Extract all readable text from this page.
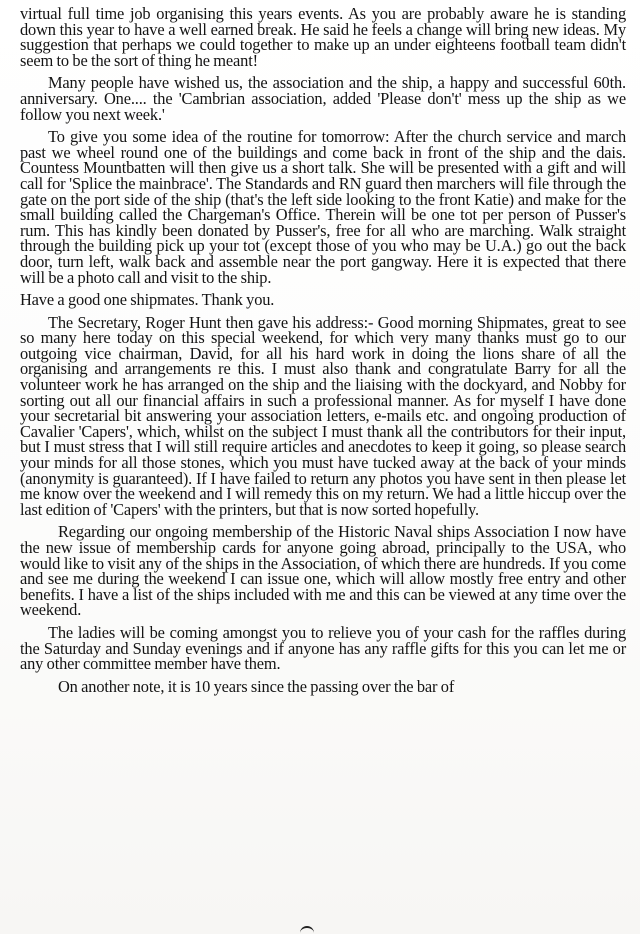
virtual full time job organising this years events. As you are probably aware he is standing down this year to have a well earned break. He said he feels a change will bring new ideas. My suggestion that perhaps we could together to make up an under eighteens football team didn't seem to be the sort of thing he meant!

Many people have wished us, the association and the ship, a happy and successful 60th. anniversary. One.... the 'Cambrian association, added 'Please don't' mess up the ship as we follow you next week.'

To give you some idea of the routine for tomorrow: After the church service and march past we wheel round one of the buildings and come back in front of the ship and the dais. Countess Mountbatten will then give us a short talk. She will be presented with a gift and will call for 'Splice the mainbrace'. The Standards and RN guard then marchers will file through the gate on the port side of the ship (that's the left side looking to the front Katie) and make for the small building called the Chargeman's Office. Therein will be one tot per person of Pusser's rum. This has kindly been donated by Pusser's, free for all who are marching. Walk straight through the building pick up your tot (except those of you who may be U.A.) go out the back door, turn left, walk back and assemble near the port gangway. Here it is expected that there will be a photo call and visit to the ship.

Have a good one shipmates. Thank you.

The Secretary, Roger Hunt then gave his address:- Good morning Shipmates, great to see so many here today on this special weekend, for which very many thanks must go to our outgoing vice chairman, David, for all his hard work in doing the lions share of all the organising and arrangements re this. I must also thank and congratulate Barry for all the volunteer work he has arranged on the ship and the liaising with the dockyard, and Nobby for sorting out all our financial affairs in such a professional manner. As for myself I have done your secretarial bit answering your association letters, e-mails etc. and ongoing production of Cavalier 'Capers', which, whilst on the subject I must thank all the contributors for their input, but I must stress that I will still require articles and anecdotes to keep it going, so please search your minds for all those stones, which you must have tucked away at the back of your minds (anonymity is guaranteed). If I have failed to return any photos you have sent in then please let me know over the weekend and I will remedy this on my return. We had a little hiccup over the last edition of 'Capers' with the printers, but that is now sorted hopefully.

Regarding our ongoing membership of the Historic Naval ships Association I now have the new issue of membership cards for anyone going abroad, principally to the USA, who would like to visit any of the ships in the Association, of which there are hundreds. If you come and see me during the weekend I can issue one, which will allow mostly free entry and other benefits. I have a list of the ships included with me and this can be viewed at any time over the weekend.

The ladies will be coming amongst you to relieve you of your cash for the raffles during the Saturday and Sunday evenings and if anyone has any raffle gifts for this you can let me or any other committee member have them.

On another note, it is 10 years since the passing over the bar of
